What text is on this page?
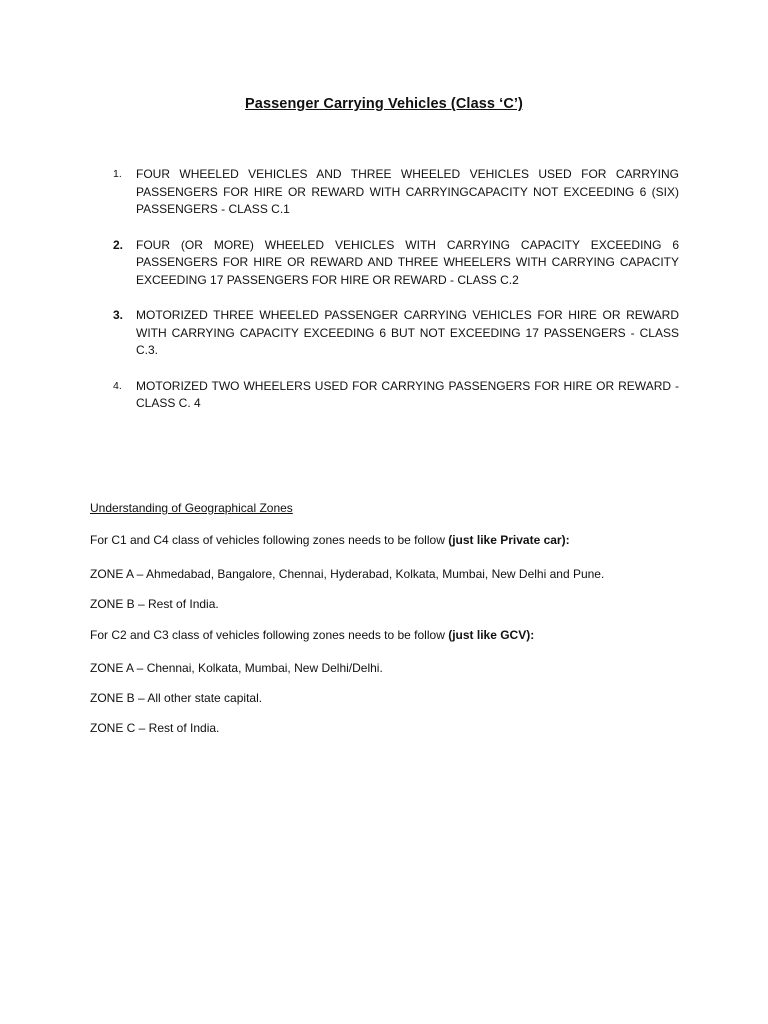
Passenger Carrying Vehicles (Class ‘C’)
1.	FOUR WHEELED VEHICLES AND THREE WHEELED VEHICLES USED FOR CARRYING PASSENGERS FOR HIRE OR REWARD WITH CARRYINGCAPACITY NOT EXCEEDING 6 (SIX) PASSENGERS - CLASS C.1
2.	FOUR (OR MORE) WHEELED VEHICLES WITH CARRYING CAPACITY EXCEEDING 6 PASSENGERS FOR HIRE OR REWARD AND THREE WHEELERS WITH CARRYING CAPACITY EXCEEDING 17 PASSENGERS FOR HIRE OR REWARD - CLASS C.2
3.	MOTORIZED THREE WHEELED PASSENGER CARRYING VEHICLES FOR HIRE OR REWARD WITH CARRYING CAPACITY EXCEEDING 6 BUT NOT EXCEEDING 17 PASSENGERS - CLASS C.3.
4.	MOTORIZED TWO WHEELERS USED FOR CARRYING PASSENGERS FOR HIRE OR REWARD - CLASS C. 4
Understanding of Geographical Zones
For C1 and C4 class of vehicles following zones needs to be follow (just like Private car):
ZONE A – Ahmedabad, Bangalore, Chennai, Hyderabad, Kolkata, Mumbai, New Delhi and Pune.
ZONE B – Rest of India.
For C2 and C3 class of vehicles following zones needs to be follow (just like GCV):
ZONE A – Chennai, Kolkata, Mumbai, New Delhi/Delhi.
ZONE B – All other state capital.
ZONE C – Rest of India.
